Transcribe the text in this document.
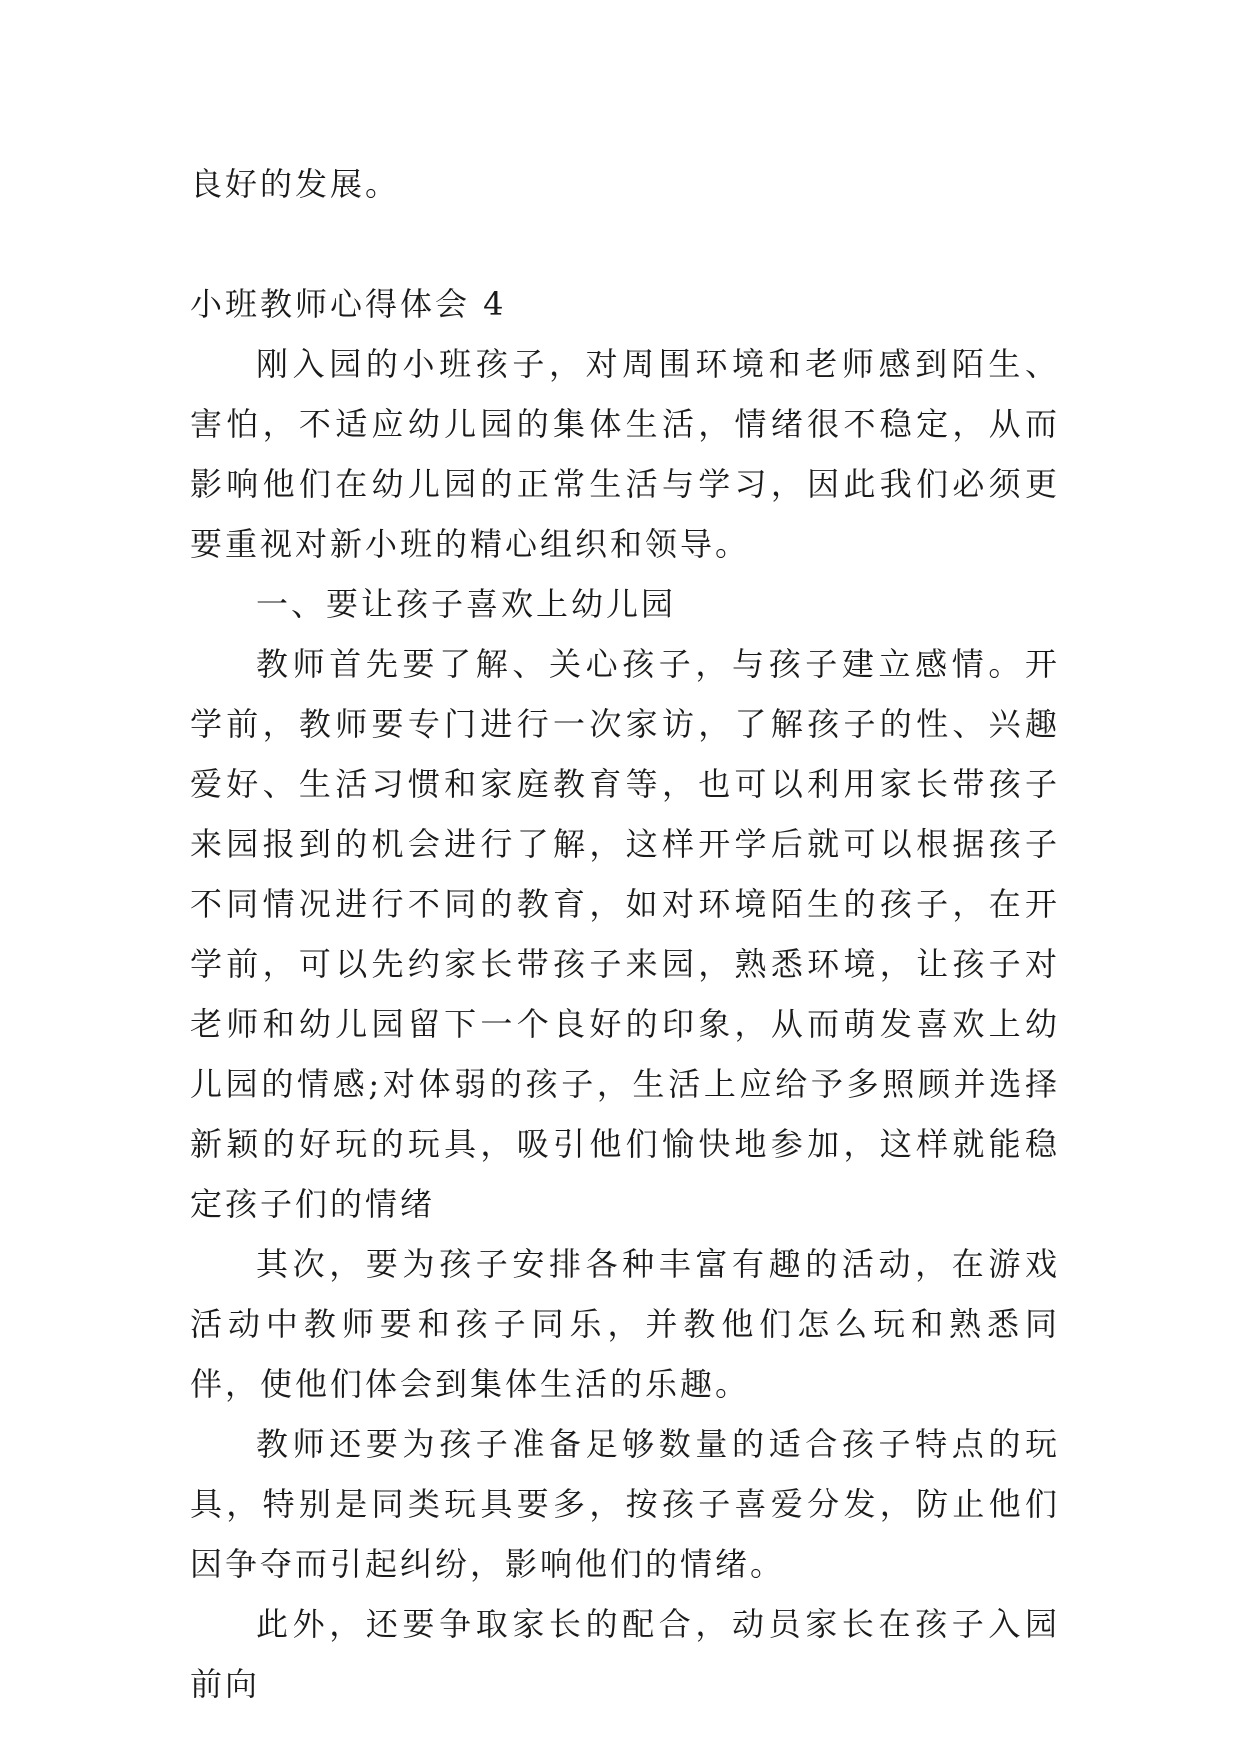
良好的发展。

小班教师心得体会 4

刚入园的小班孩子，对周围环境和老师感到陌生、害怕，不适应幼儿园的集体生活，情绪很不稳定，从而影响他们在幼儿园的正常生活与学习，因此我们必须更要重视对新小班的精心组织和领导。

一、要让孩子喜欢上幼儿园

教师首先要了解、关心孩子，与孩子建立感情。开学前，教师要专门进行一次家访，了解孩子的性、兴趣爱好、生活习惯和家庭教育等，也可以利用家长带孩子来园报到的机会进行了解，这样开学后就可以根据孩子不同情况进行不同的教育，如对环境陌生的孩子，在开学前，可以先约家长带孩子来园，熟悉环境，让孩子对老师和幼儿园留下一个良好的印象，从而萌发喜欢上幼儿园的情感;对体弱的孩子，生活上应给予多照顾并选择新颖的好玩的玩具，吸引他们愉快地参加，这样就能稳定孩子们的情绪

其次，要为孩子安排各种丰富有趣的活动，在游戏活动中教师要和孩子同乐，并教他们怎么玩和熟悉同伴，使他们体会到集体生活的乐趣。

教师还要为孩子准备足够数量的适合孩子特点的玩具，特别是同类玩具要多，按孩子喜爱分发，防止他们因争夺而引起纠纷，影响他们的情绪。

此外，还要争取家长的配合，动员家长在孩子入园前向
